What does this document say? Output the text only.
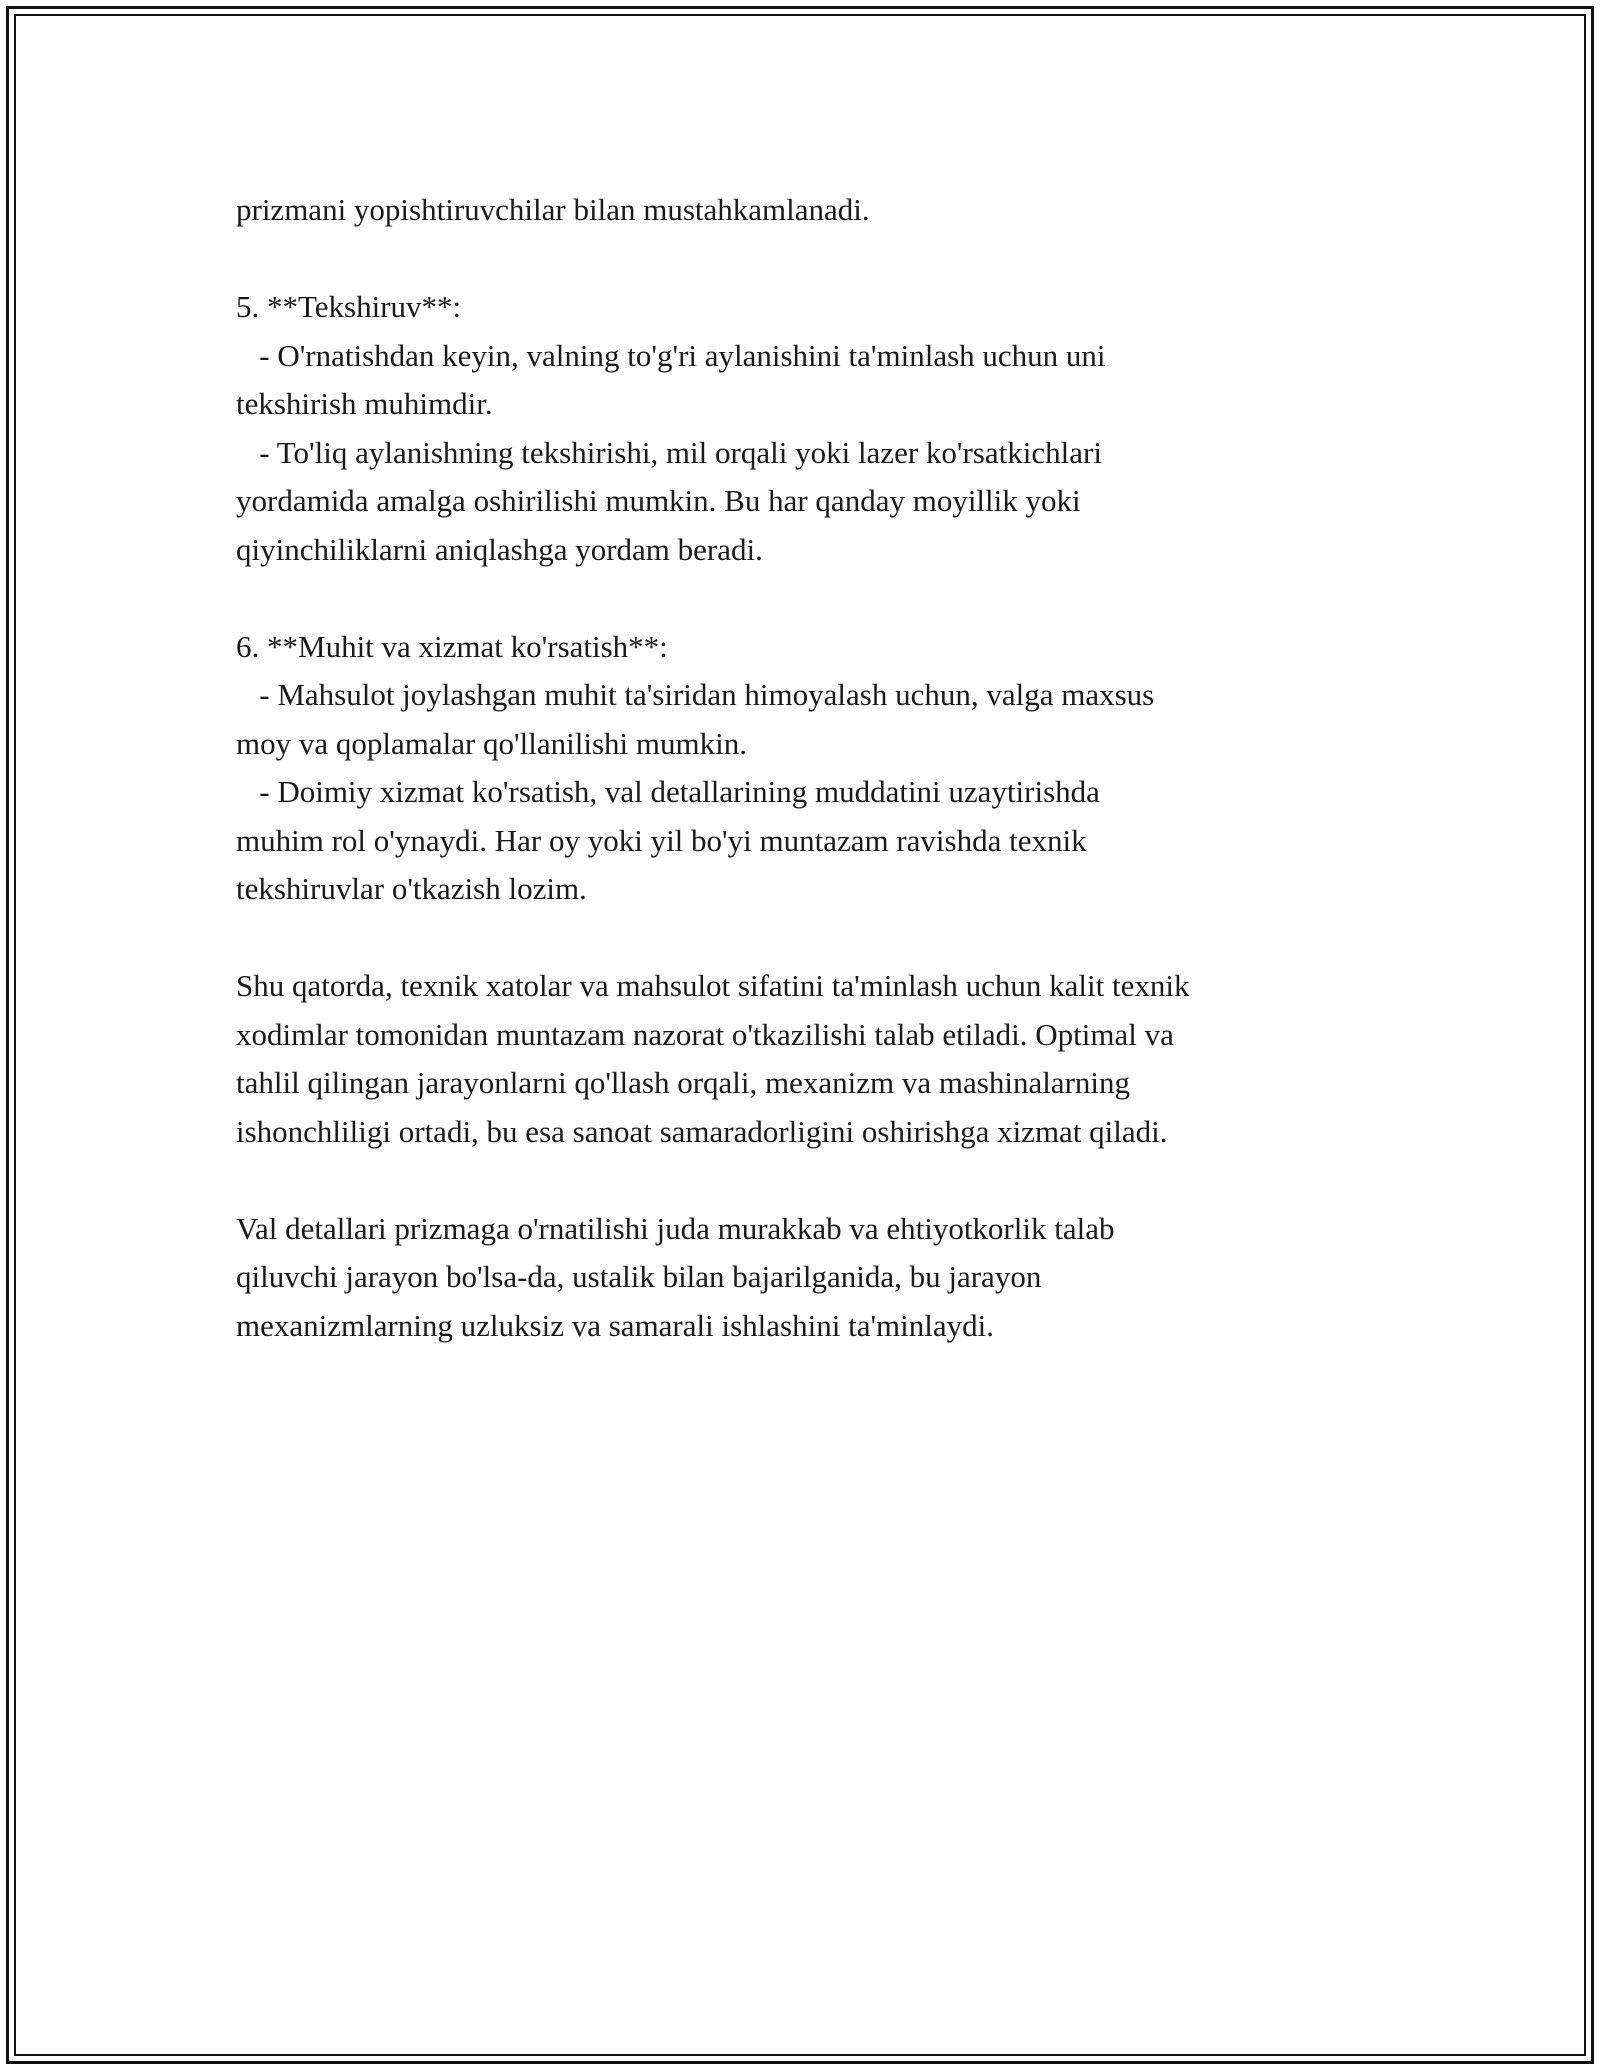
prizmani yopishtiruvchilar bilan mustahkamlanadi.

5. **Tekshiruv**:

- O'rnatishdan keyin, valning to'g'ri aylanishini ta'minlash uchun uni

tekshirish muhimdir.

- To'liq aylanishning tekshirishi, mil orqali yoki lazer ko'rsatkichlari

yordamida amalga oshirilishi mumkin. Bu har qanday moyillik yoki

qiyinchiliklarni aniqlashga yordam beradi.

6. **Muhit va xizmat ko'rsatish**:

- Mahsulot joylashgan muhit ta'siridan himoyalash uchun, valga maxsus

moy va qoplamalar qo'llanilishi mumkin.

- Doimiy xizmat ko'rsatish, val detallarining muddatini uzaytirishda

muhim rol o'ynaydi. Har oy yoki yil bo'yi muntazam ravishda texnik

tekshiruvlar o'tkazish lozim.

Shu qatorda, texnik xatolar va mahsulot sifatini ta'minlash uchun kalit texnik

xodimlar tomonidan muntazam nazorat o'tkazilishi talab etiladi. Optimal va

tahlil qilingan jarayonlarni qo'llash orqali, mexanizm va mashinalarning

ishonchliligi ortadi, bu esa sanoat samaradorligini oshirishga xizmat qiladi.

Val detallari prizmaga o'rnatilishi juda murakkab va ehtiyotkorlik talab

qiluvchi jarayon bo'lsa-da, ustalik bilan bajarilganida, bu jarayon

mexanizmlarning uzluksiz va samarali ishlashini ta'minlaydi.
